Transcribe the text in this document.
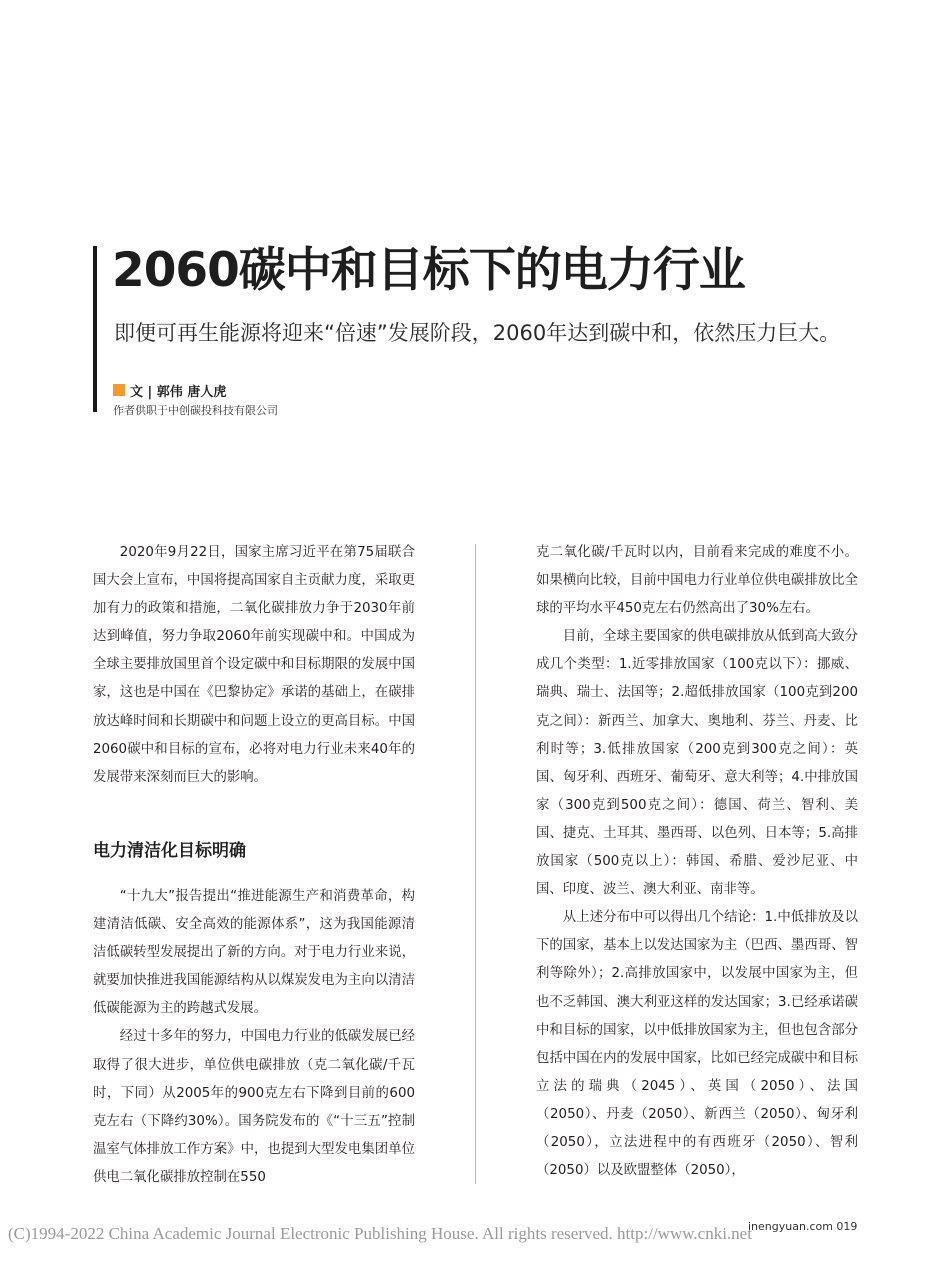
2060碳中和目标下的电力行业
即便可再生能源将迎来“倍速”发展阶段，2060年达到碳中和，依然压力巨大。
文 | 郭伟 唐人虎
作者供职于中创碳投科技有限公司

2020年9月22日，国家主席习近平在第75届联合国大会上宣布，中国将提高国家自主贡献力度，采取更加有力的政策和措施，二氧化碳排放力争于2030年前达到峰值，努力争取2060年前实现碳中和。中国成为全球主要排放国里首个设定碳中和目标期限的发展中国家，这也是中国在《巴黎协定》承诺的基础上，在碳排放达峰时间和长期碳中和问题上设立的更高目标。中国2060碳中和目标的宣布，必将对电力行业未来40年的发展带来深刻而巨大的影响。

电力清洁化目标明确

“十九大”报告提出“推进能源生产和消费革命，构建清洁低碳、安全高效的能源体系”，这为我国能源清洁低碳转型发展提出了新的方向。对于电力行业来说，就要加快推进我国能源结构从以煤炭发电为主向以清洁低碳能源为主的跨越式发展。

经过十多年的努力，中国电力行业的低碳发展已经取得了很大进步，单位供电碳排放（克二氧化碳/千瓦时，下同）从2005年的900克左右下降到目前的600克左右（下降约30%）。国务院发布的《“十三五”控制温室气体排放工作方案》中，也提到大型发电集团单位供电二氧化碳排放控制在550

克二氧化碳/千瓦时以内，目前看来完成的难度不小。如果横向比较，目前中国电力行业单位供电碳排放比全球的平均水平450克左右仍然高出了30%左右。

目前，全球主要国家的供电碳排放从低到高大致分成几个类型：1.近零排放国家（100克以下）：挪威、瑞典、瑞士、法国等；2.超低排放国家（100克到200克之间）：新西兰、加拿大、奥地利、芬兰、丹麦、比利时等；3.低排放国家（200克到300克之间）：英国、匈牙利、西班牙、葡萄牙、意大利等；4.中排放国家（300克到500克之间）：德国、荷兰、智利、美国、捷克、土耳其、墨西哥、以色列、日本等；5.高排放国家（500克以上）：韩国、希腊、爱沙尼亚、中国、印度、波兰、澳大利亚、南非等。

从上述分布中可以得出几个结论：1.中低排放及以下的国家，基本上以发达国家为主（巴西、墨西哥、智利等除外）；2.高排放国家中，以发展中国家为主，但也不乏韩国、澳大利亚这样的发达国家；3.已经承诺碳中和目标的国家，以中低排放国家为主，但也包含部分包括中国在内的发展中国家，比如已经完成碳中和目标立法的瑞典（2045）、英国（2050）、法国（2050）、丹麦（2050）、新西兰（2050）、匈牙利（2050），立法进程中的有西班牙（2050）、智利（2050）以及欧盟整体（2050），

(C)1994-2022 China Academic Journal Electronic Publishing House. All rights reserved. http://www.cnki.net
inengyuan.com 019
